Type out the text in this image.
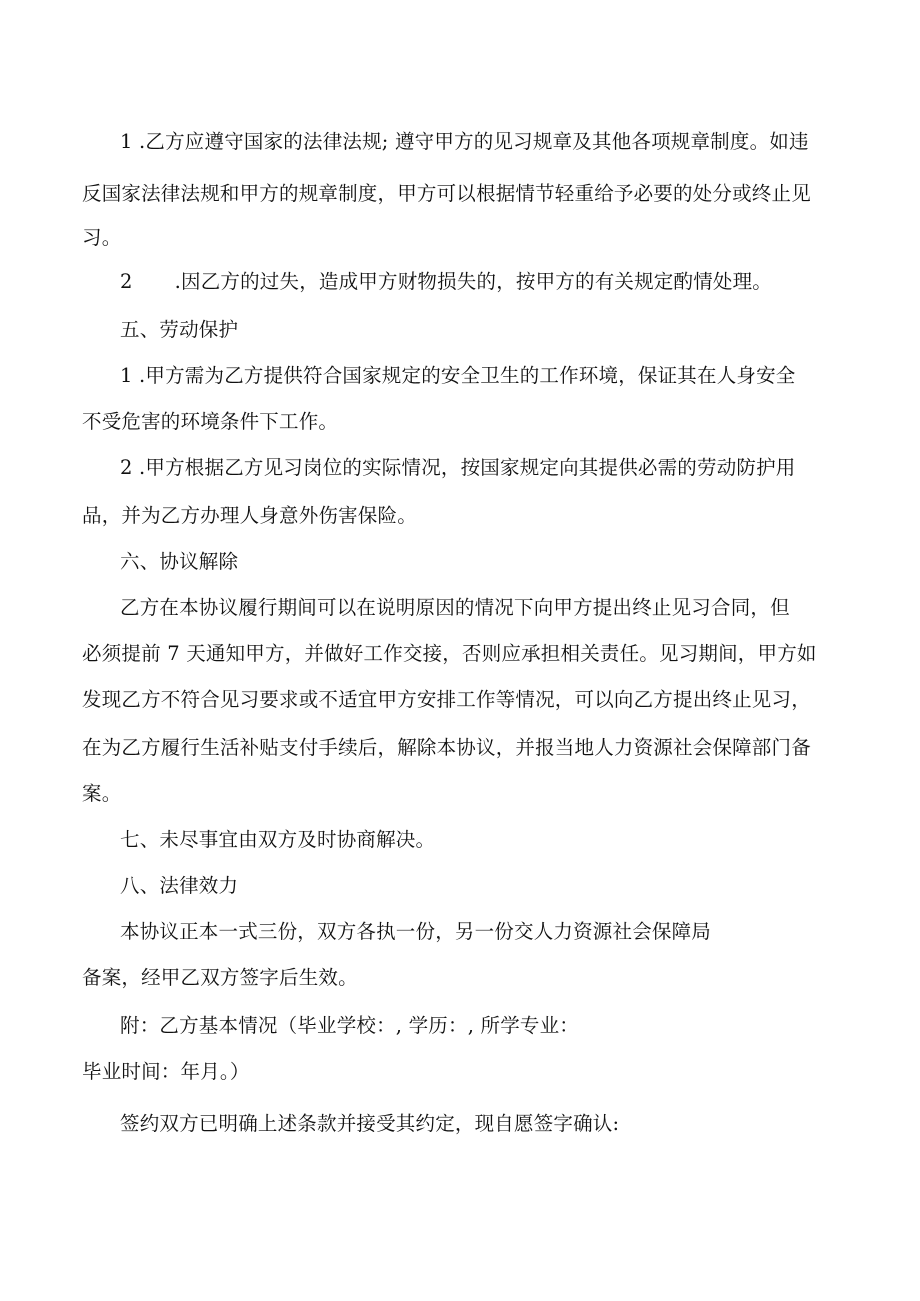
1 .乙方应遵守国家的法律法规; 遵守甲方的见习规章及其他各项规章制度。如违
反国家法律法规和甲方的规章制度，甲方可以根据情节轻重给予必要的处分或终止见
习。
2 .因乙方的过失，造成甲方财物损失的，按甲方的有关规定酌情处理。
五、劳动保护
1 .甲方需为乙方提供符合国家规定的安全卫生的工作环境，保证其在人身安全
不受危害的环境条件下工作。
2 .甲方根据乙方见习岗位的实际情况，按国家规定向其提供必需的劳动防护用
品，并为乙方办理人身意外伤害保险。
六、协议解除
乙方在本协议履行期间可以在说明原因的情况下向甲方提出终止见习合同，但
必须提前 7 天通知甲方，并做好工作交接，否则应承担相关责任。见习期间，甲方如
发现乙方不符合见习要求或不适宜甲方安排工作等情况，可以向乙方提出终止见习，
在为乙方履行生活补贴支付手续后，解除本协议，并报当地人力资源社会保障部门备
案。
七、未尽事宜由双方及时协商解决。
八、法律效力
本协议正本一式三份，双方各执一份，另一份交人力资源社会保障局
备案，经甲乙双方签字后生效。
附：乙方基本情况（毕业学校：, 学历：, 所学专业：
毕业时间：年月。）
签约双方已明确上述条款并接受其约定，现自愿签字确认:
